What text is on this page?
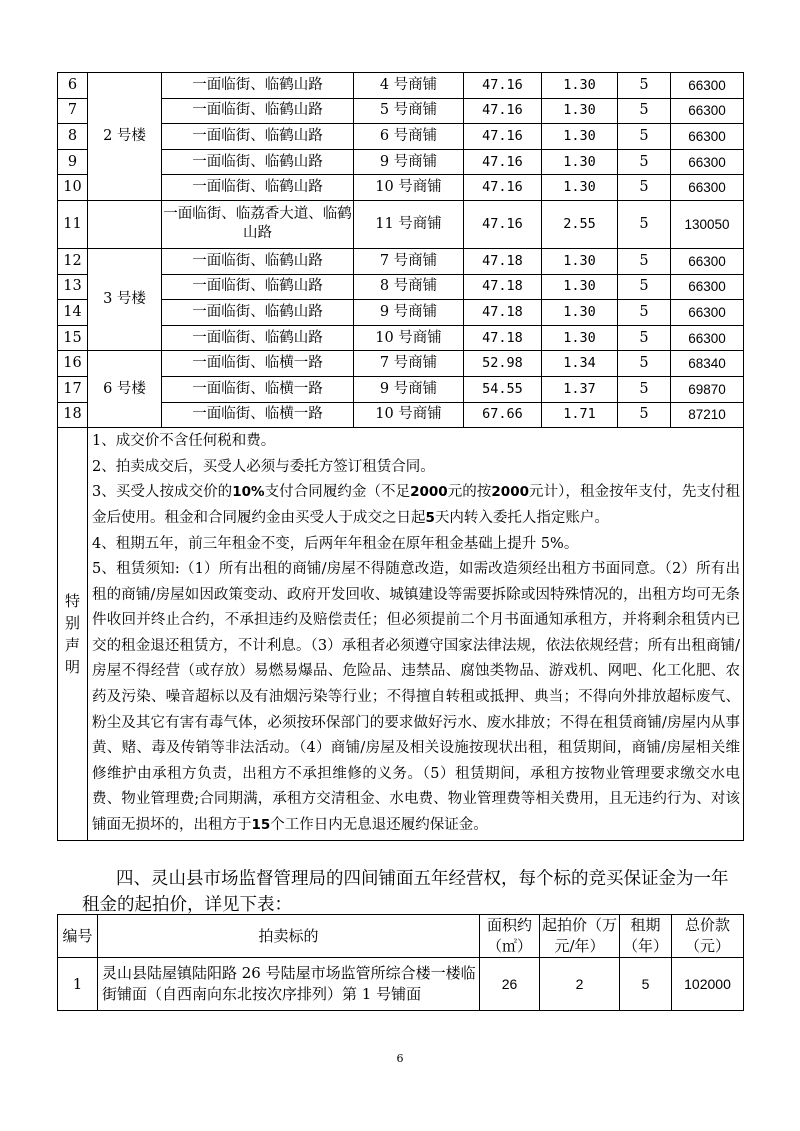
6	2 号楼	一面临街、临鹤山路	4 号商铺	47.16	1.30	5	66300
7		一面临街、临鹤山路	5 号商铺	47.16	1.30	5	66300
8		一面临街、临鹤山路	6 号商铺	47.16	1.30	5	66300
9		一面临街、临鹤山路	9 号商铺	47.16	1.30	5	66300
10		一面临街、临鹤山路	10 号商铺	47.16	1.30	5	66300
11		一面临街、临荔香大道、临鹤山路	11 号商铺	47.16	2.55	5	130050
12	3 号楼	一面临街、临鹤山路	7 号商铺	47.18	1.30	5	66300
13		一面临街、临鹤山路	8 号商铺	47.18	1.30	5	66300
14		一面临街、临鹤山路	9 号商铺	47.18	1.30	5	66300
15		一面临街、临鹤山路	10 号商铺	47.18	1.30	5	66300
16	6 号楼	一面临街、临横一路	7 号商铺	52.98	1.34	5	68340
17		一面临街、临横一路	9 号商铺	54.55	1.37	5	69870
18		一面临街、临横一路	10 号商铺	67.66	1.71	5	87210
特别声明	1、成交价不含任何税和费。

2、拍卖成交后，买受人必须与委托方签订租赁合同。

3、买受人按成交价的10%支付合同履约金（不足2000元的按2000元计），租金按年支付，先支付租金后使用。租金和合同履约金由买受人于成交之日起5天内转入委托人指定账户。

4、租期五年，前三年租金不变，后两年年租金在原年租金基础上提升 5%。

5、租赁须知:（1）所有出租的商铺/房屋不得随意改造，如需改造须经出租方书面同意。（2）所有出租的商铺/房屋如因政策变动、政府开发回收、城镇建设等需要拆除或因特殊情况的，出租方均可无条件收回并终止合约，不承担违约及赔偿责任；但必须提前二个月书面通知承租方，并将剩余租赁内已交的租金退还租赁方，不计利息。（3）承租者必须遵守国家法律法规，依法依规经营；所有出租商铺/房屋不得经营（或存放）易燃易爆品、危险品、违禁品、腐蚀类物品、游戏机、网吧、化工化肥、农药及污染、噪音超标以及有油烟污染等行业；不得擅自转租或抵押、典当；不得向外排放超标废气、粉尘及其它有害有毒气体，必须按环保部门的要求做好污水、废水排放；不得在租赁商铺/房屋内从事黄、赌、毒及传销等非法活动。（4）商铺/房屋及相关设施按现状出租，租赁期间，商铺/房屋相关维修维护由承租方负责，出租方不承担维修的义务。（5）租赁期间，承租方按物业管理要求缴交水电费、物业管理费;合同期满，承租方交清租金、水电费、物业管理费等相关费用，且无违约行为、对该铺面无损坏的，出租方于15个工作日内无息退还履约保证金。						

四、灵山县市场监督管理局的四间铺面五年经营权，每个标的竞买保证金为一年租金的起拍价，详见下表：

编号	拍卖标的	面积约（㎡）	起拍价（万元/年）	租期（年）	总价款（元）
1	灵山县陆屋镇陆阳路 26 号陆屋市场监管所综合楼一楼临街铺面（自西南向东北按次序排列）第 1 号铺面	26	2	5	102000
6
